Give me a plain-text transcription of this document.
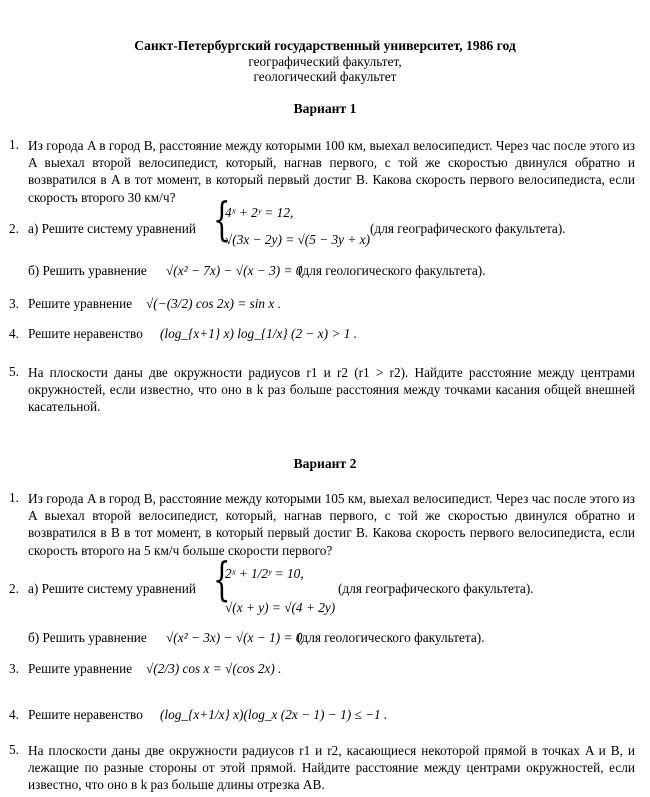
Санкт-Петербургский государственный университет, 1986 год
географический факультет,
геологический факультет
Вариант 1
1. Из города A в город B, расстояние между которыми 100 км, выехал велосипедист. Через час после этого из A выехал второй велосипедист, который, нагнав первого, с той же скоростью двинулся обратно и возвратился в A в тот момент, в который первый достиг B. Какова скорость первого велосипедиста, если скорость второго 30 км/ч?
2. а) Решите систему уравнений {
4ˣ + 2ʸ = 12,
√(3x − 2y) = √(5 − 3y + x)
(для географического факультета).
б) Решить уравнение √(x² − 7x) − √(x − 3) = 0
(для геологического факультета).
3. Решите уравнение √(−(3/2) cos 2x) = sin x .
4. Решите неравенство (log_{x+1} x) log_{1/x} (2 − x) > 1 .
5. На плоскости даны две окружности радиусов r1 и r2 (r1 > r2). Найдите расстояние между центрами окружностей, если известно, что оно в k раз больше расстояния между точками касания общей внешней касательной.
Вариант 2
1. Из города A в город B, расстояние между которыми 105 км, выехал велосипедист. Через час после этого из A выехал второй велосипедист, который, нагнав первого, с той же скоростью двинулся обратно и возвратился в B в тот момент, в который первый достиг B. Какова скорость первого велосипедиста, если скорость второго на 5 км/ч больше скорости первого?
2. а) Решите систему уравнений {
2ˣ + 1/2ʸ = 10,
√(x + y) = √(4 + 2y)
(для географического факультета).
б) Решить уравнение √(x² − 3x) − √(x − 1) = 0
(для геологического факультета).
3. Решите уравнение √(2/3) cos x = √(cos 2x) .
4. Решите неравенство (log_{x+1/x} x)(log_x (2x − 1) − 1) ≤ −1 .
5. На плоскости даны две окружности радиусов r1 и r2, касающиеся некоторой прямой в точках A и B, и лежащие по разные стороны от этой прямой. Найдите расстояние между центрами окружностей, если известно, что оно в k раз больше длины отрезка AB.
